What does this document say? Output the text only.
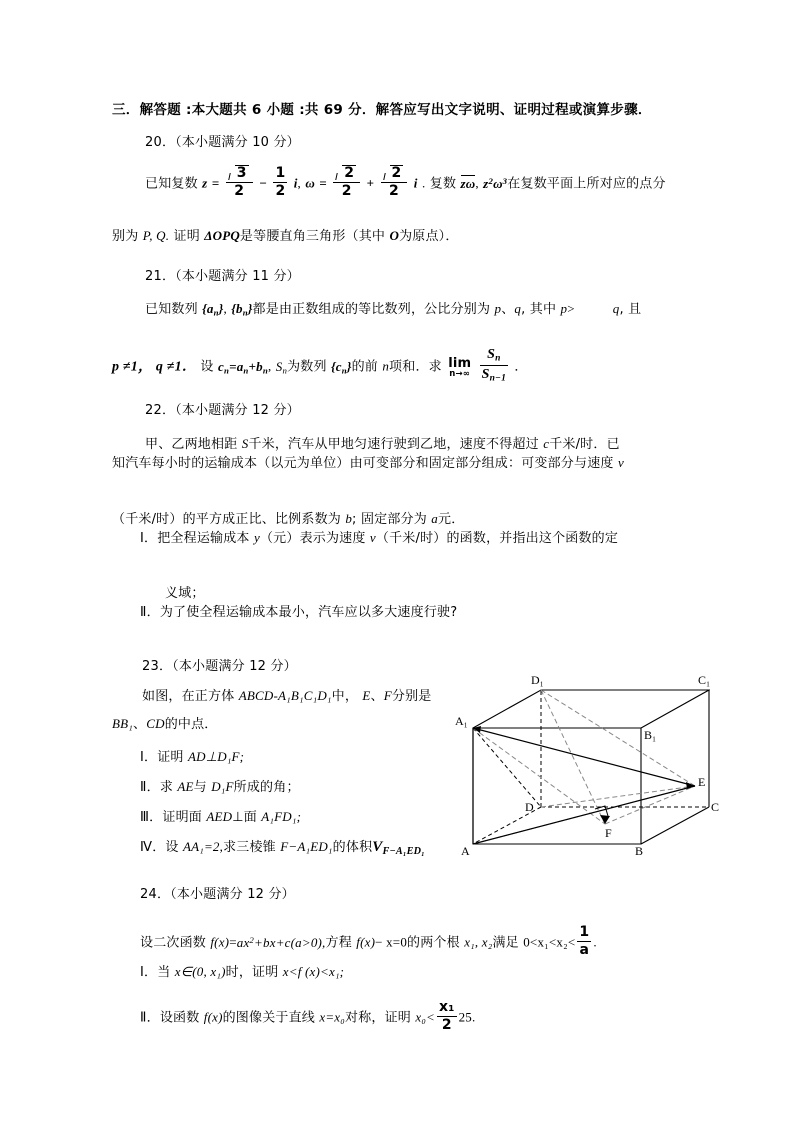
三．解答题 :本大题共 6 小题 :共 69 分．解答应写出文字说明、证明过程或演算步骤．
20．（本小题满分 10 分）
已知复数 $z = \frac{3}{2} - \frac{1}{2} i$, $\omega = \frac{2}{2} + \frac{2}{2}$ i . 复数 zω, $z^2\omega^3$在复数平面上所对应的点分
别为 P, Q. 证明 ΔOPQ是等腰直角三角形（其中 O为原点）．
21．（本小题满分 11 分）
已知数列 $\{a_n\}$, $\{b_n\}$都是由正数组成的等比数列，公比分别为 p、q, 其中 p>	q, 且
p ≠1， q ≠1． 设 $c_n=a_n+b_n$, $S_n$为数列 $\{c_n\}$的前 n项和．求 lim
n→∞
$\frac{S_n}{S_{n-1}}$ ．
22．（本小题满分 12 分）
甲、乙两地相距 S千米，汽车从甲地匀速行驶到乙地，速度不得超过 c千米/时．已
知汽车每小时的运输成本（以元为单位）由可变部分和固定部分组成：可变部分与速度 v
（千米/时）的平方成正比、比例系数为 b; 固定部分为 a元．
Ⅰ．把全程运输成本 y（元）表示为速度 v（千米/时）的函数，并指出这个函数的定
义域；
Ⅱ．为了使全程运输成本最小，汽车应以多大速度行驶?
23．（本小题满分 12 分）
如图，在正方体 ABCD-A₁B₁C₁D₁中， E、F分别是
BB₁、CD的中点．
Ⅰ．证明 AD⊥D₁F;
Ⅱ．求 AE与 D₁F所成的角；
Ⅲ．证明面 AED⊥面 A₁FD₁;
Ⅳ．设 AA₁=2,求三棱锥 F−A₁ED₁的体积$V_{F-A_1ED_1}$
D₁	C₁
A₁
B₁
E
D	C
F
A	B
24．（本小题满分 12 分）
设二次函数 $f(x)=ax^2+bx+c(a>0)$,方程 f(x)− x=0的两个根 x₁, x₂满足 $0<x_1<x_2< \frac{1}{a}$ .
Ⅰ．当 x∈(0, x₁)时，证明 x<f (x)<x₁;
Ⅱ．设函数 f(x)的图像关于直线 x=x₀对称，证明 $x_0< \frac{\text{x₁}}{2} 25$.
